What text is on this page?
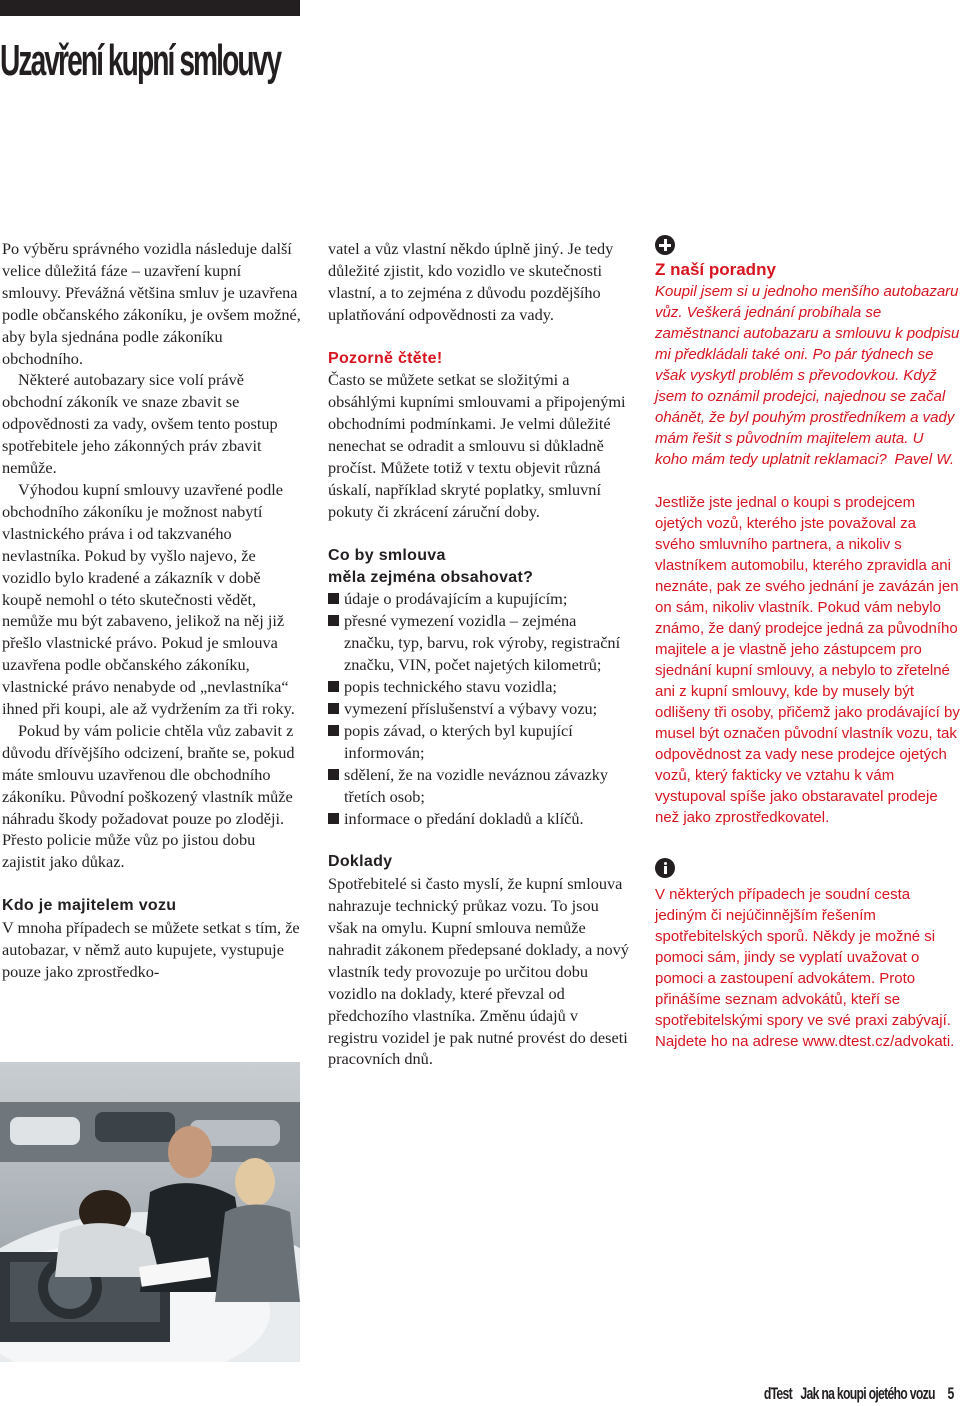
Uzavření kupní smlouvy

Po výběru správného vozidla následuje další velice důležitá fáze – uzavření kupní smlouvy. Převážná většina smluv je uzavřena podle občanského zákoníku, je ovšem možné, aby byla sjednána podle zákoníku obchodního.

Některé autobazary sice volí právě obchodní zákoník ve snaze zbavit se odpovědnosti za vady, ovšem tento postup spotřebitele jeho zákonných práv zbavit nemůže.

Výhodou kupní smlouvy uzavřené podle obchodního zákoníku je možnost nabytí vlastnického práva i od takzvaného nevlastníka. Pokud by vyšlo najevo, že vozidlo bylo kradené a zákazník v době koupě nemohl o této skutečnosti vědět, nemůže mu být zabaveno, jelikož na něj již přešlo vlastnické právo. Pokud je smlouva uzavřena podle občanského zákoníku, vlastnické právo nenabyde od „nevlastníka“ ihned při koupi, ale až vydržením za tři roky.

Pokud by vám policie chtěla vůz zabavit z důvodu dřívějšího odcizení, braňte se, pokud máte smlouvu uzavřenou dle obchodního zákoníku. Původní poškozený vlastník může náhradu škody požadovat pouze po zloději. Přesto policie může vůz po jistou dobu zajistit jako důkaz.

Kdo je majitelem vozu

V mnoha případech se můžete setkat s tím, že autobazar, v němž auto kupujete, vystupuje pouze jako zprostředko-

vatel a vůz vlastní někdo úplně jiný. Je tedy důležité zjistit, kdo vozidlo ve skutečnosti vlastní, a to zejména z důvodu pozdějšího uplatňování odpovědnosti za vady.

Pozorně čtěte!

Často se můžete setkat se složitými a obsáhlými kupními smlouvami a připojenými obchodními podmínkami. Je velmi důležité nenechat se odradit a smlouvu si důkladně pročíst. Můžete totiž v textu objevit různá úskalí, například skryté poplatky, smluvní pokuty či zkrácení záruční doby.

Co by smlouva

měla zejména obsahovat?

údaje o prodávajícím a kupujícím;
přesné vymezení vozidla – zejména značku, typ, barvu, rok výroby, registrační značku, VIN, počet najetých kilometrů;
popis technického stavu vozidla;
vymezení příslušenství a výbavy vozu;
popis závad, o kterých byl kupující informován;
sdělení, že na vozidle neváznou závazky třetích osob;
informace o předání dokladů a klíčů.

Doklady

Spotřebitelé si často myslí, že kupní smlouva nahrazuje technický průkaz vozu. To jsou však na omylu. Kupní smlouva nemůže nahradit zákonem předepsané doklady, a nový vlastník tedy provozuje po určitou dobu vozidlo na doklady, které převzal od předchozího vlastníka. Změnu údajů v registru vozidel je pak nutné provést do deseti pracovních dnů.

Z naší poradny

Koupil jsem si u jednoho menšího autobazaru vůz. Veškerá jednání probíhala se zaměstnanci autobazaru a smlouvu k podpisu mi předkládali také oni. Po pár týdnech se však vyskytl problém s převodovkou. Když jsem to oznámil prodejci, najednou se začal ohánět, že byl pouhým prostředníkem a vady mám řešit s původním majitelem auta. U koho mám tedy uplatnit reklamaci? Pavel W.

Jestliže jste jednal o koupi s prodejcem ojetých vozů, kterého jste považoval za svého smluvního partnera, a nikoliv s vlastníkem automobilu, kterého zpravidla ani neznáte, pak ze svého jednání je zavázán jen on sám, nikoliv vlastník. Pokud vám nebylo známo, že daný prodejce jedná za původního majitele a je vlastně jeho zástupcem pro sjednání kupní smlouvy, a nebylo to zřetelné ani z kupní smlouvy, kde by musely být odlišeny tři osoby, přičemž jako prodávající by musel být označen původní vlastník vozu, tak odpovědnost za vady nese prodejce ojetých vozů, který fakticky ve vztahu k vám vystupoval spíše jako obstaravatel prodeje než jako zprostředkovatel.

V některých případech je soudní cesta jediným či nejúčinnějším řešením spotřebitelských sporů. Někdy je možné si pomoci sám, jindy se vyplatí uvažovat o pomoci a zastoupení advokátem. Proto přinášíme seznam advokátů, kteří se spotřebitelskými spory ve své praxi zabývají. Najdete ho na adrese www.dtest.cz/advokati.

dTest Jak na koupi ojetého vozu 5
